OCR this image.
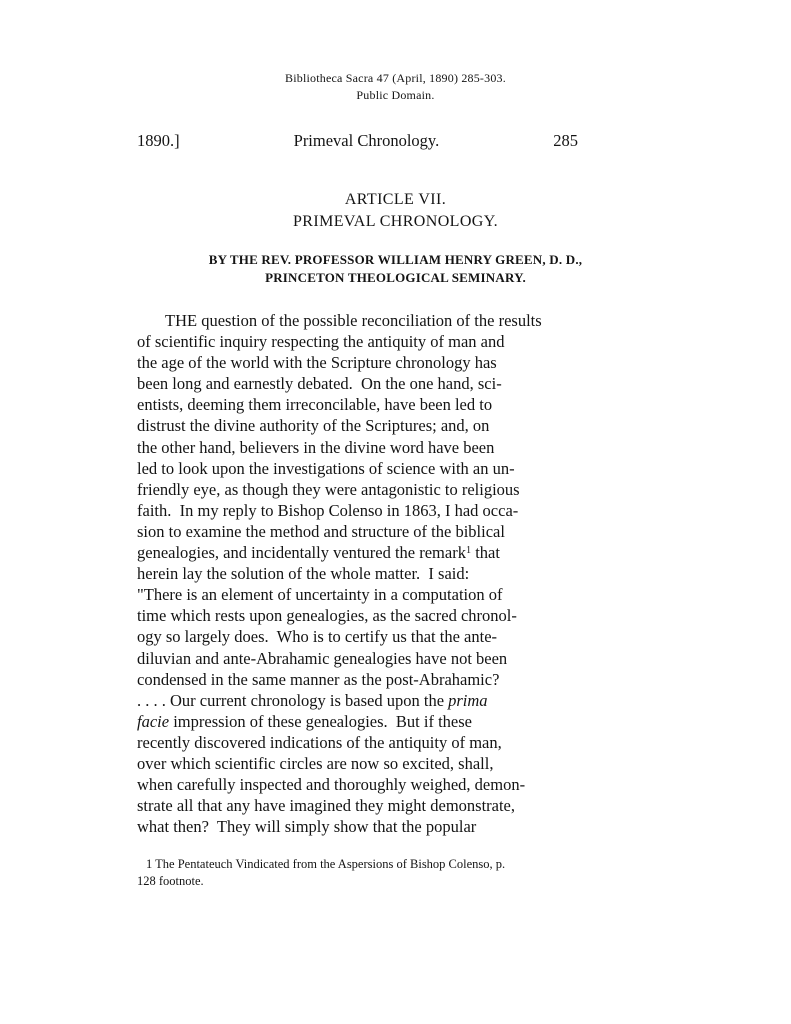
Bibliotheca Sacra 47 (April, 1890) 285-303.
Public Domain.
1890.]	Primeval Chronology.	285
ARTICLE VII.
PRIMEVAL CHRONOLOGY.
BY THE REV. PROFESSOR WILLIAM HENRY GREEN, D. D.,
PRINCETON THEOLOGICAL SEMINARY.
THE question of the possible reconciliation of the results
of scientific inquiry respecting the antiquity of man and
the age of the world with the Scripture chronology has
been long and earnestly debated.  On the one hand, sci-
entists, deeming them irreconcilable, have been led to
distrust the divine authority of the Scriptures; and, on
the other hand, believers in the divine word have been
led to look upon the investigations of science with an un-
friendly eye, as though they were antagonistic to religious
faith.  In my reply to Bishop Colenso in 1863, I had occa-
sion to examine the method and structure of the biblical
genealogies, and incidentally ventured the remark$^1$ that
herein lay the solution of the whole matter.  I said:
"There is an element of uncertainty in a computation of
time which rests upon genealogies, as the sacred chronol-
ogy so largely does.  Who is to certify us that the ante-
diluvian and ante-Abrahamic genealogies have not been
condensed in the same manner as the post-Abrahamic?
. . . . Our current chronology is based upon the prima
facie impression of these genealogies.  But if these
recently discovered indications of the antiquity of man,
over which scientific circles are now so excited, shall,
when carefully inspected and thoroughly weighed, demon-
strate all that any have imagined they might demonstrate,
what then?  They will simply show that the popular
1 The Pentateuch Vindicated from the Aspersions of Bishop Colenso, p.
128 footnote.
